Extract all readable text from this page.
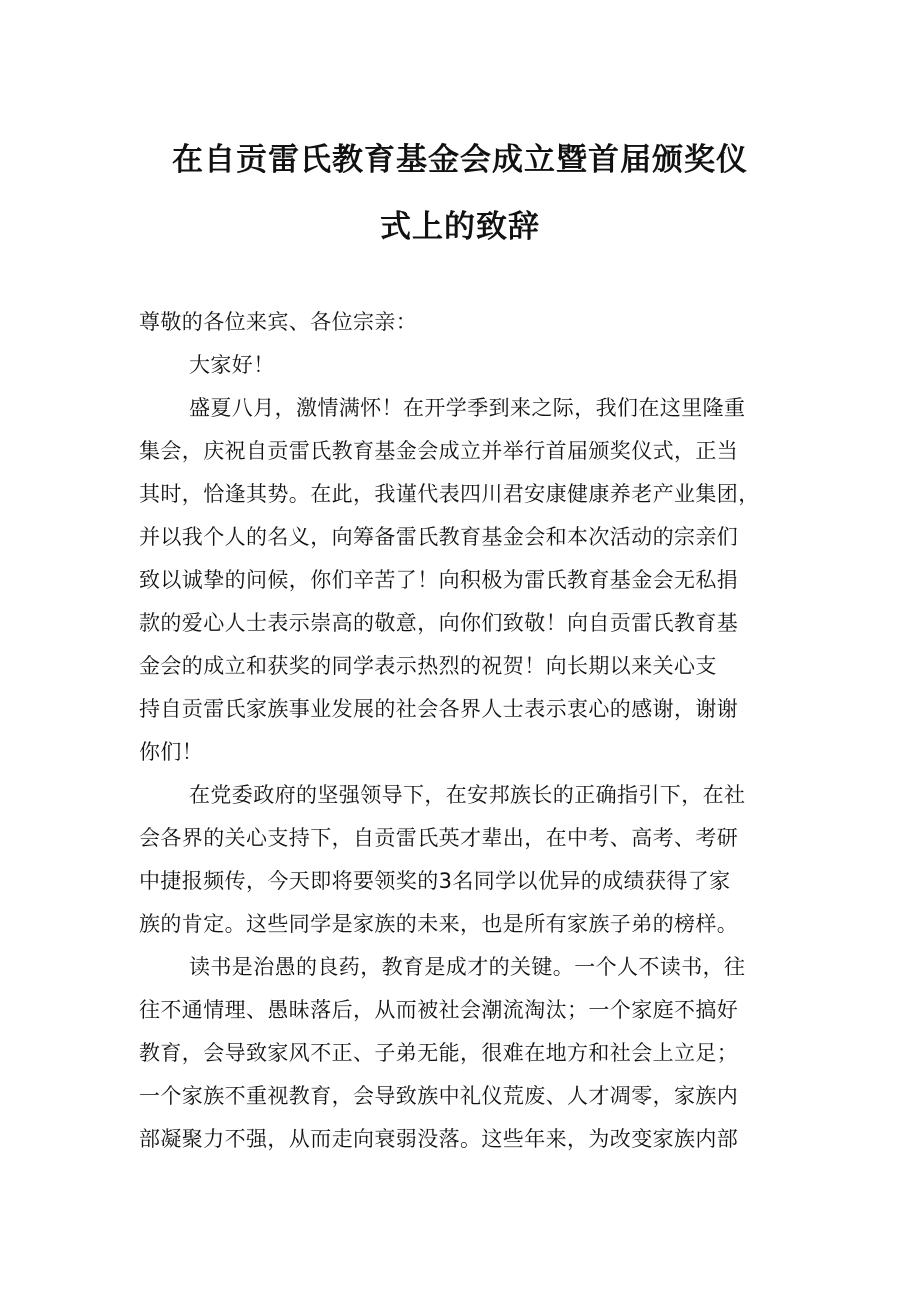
在自贡雷氏教育基金会成立暨首届颁奖仪
式上的致辞
尊敬的各位来宾、各位宗亲：
大家好！
盛夏八月，激情满怀！在开学季到来之际，我们在这里隆重
集会，庆祝自贡雷氏教育基金会成立并举行首届颁奖仪式，正当
其时，恰逢其势。在此，我谨代表四川君安康健康养老产业集团，
并以我个人的名义，向筹备雷氏教育基金会和本次活动的宗亲们
致以诚挚的问候，你们辛苦了！向积极为雷氏教育基金会无私捐
款的爱心人士表示崇高的敬意，向你们致敬！向自贡雷氏教育基
金会的成立和获奖的同学表示热烈的祝贺！向长期以来关心支
持自贡雷氏家族事业发展的社会各界人士表示衷心的感谢，谢谢
你们！
在党委政府的坚强领导下，在安邦族长的正确指引下，在社
会各界的关心支持下，自贡雷氏英才辈出，在中考、高考、考研
中捷报频传，今天即将要领奖的3名同学以优异的成绩获得了家
族的肯定。这些同学是家族的未来，也是所有家族子弟的榜样。
读书是治愚的良药，教育是成才的关键。一个人不读书，往
往不通情理、愚昧落后，从而被社会潮流淘汰；一个家庭不搞好
教育，会导致家风不正、子弟无能，很难在地方和社会上立足；
一个家族不重视教育，会导致族中礼仪荒废、人才凋零，家族内
部凝聚力不强，从而走向衰弱没落。这些年来，为改变家族内部
